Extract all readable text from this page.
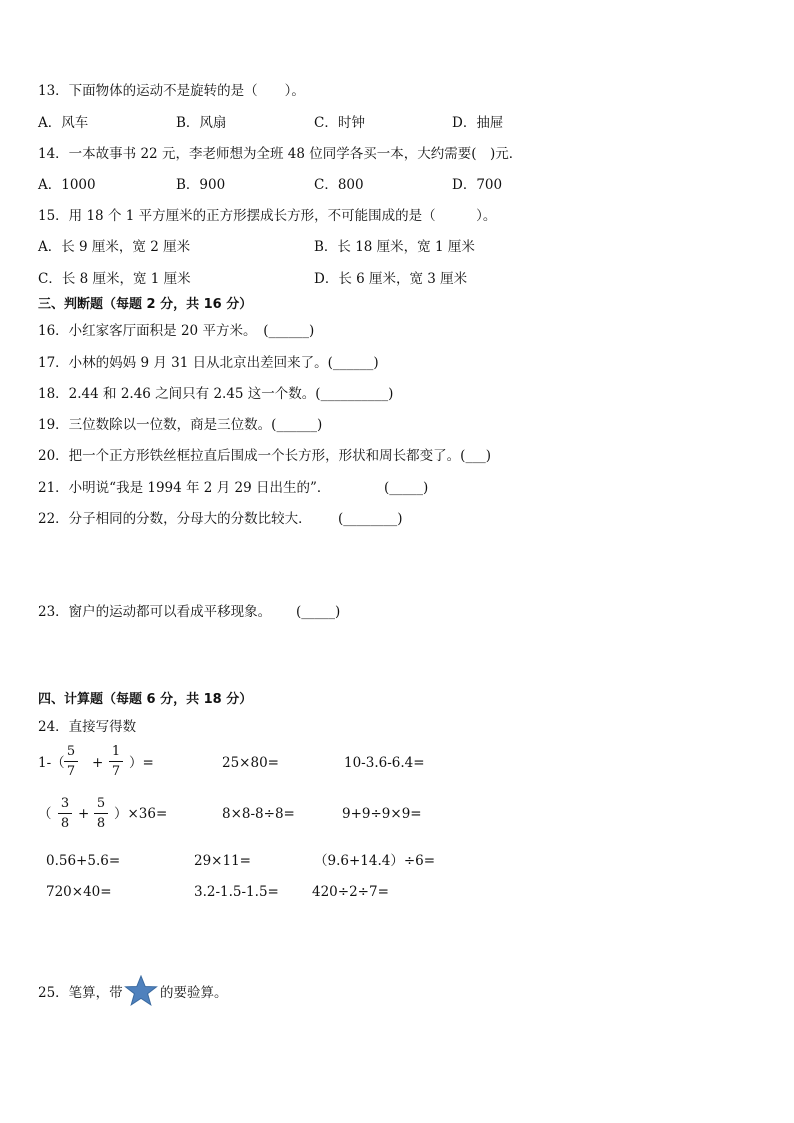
13．下面物体的运动不是旋转的是（　　）。
A．风车	B．风扇	C．时钟	D．抽屉
14．一本故事书 22 元，李老师想为全班 48 位同学各买一本，大约需要(　)元．
A．1000	B．900	C．800	D．700
15．用 18 个 1 平方厘米的正方形摆成长方形，不可能围成的是（　　　）。
A．长 9 厘米，宽 2 厘米	B．长 18 厘米，宽 1 厘米
C．长 8 厘米，宽 1 厘米	D．长 6 厘米，宽 3 厘米
三、判断题（每题 2 分，共 16 分）
16．小红家客厅面积是 20 平方米。　(______)
17．小林的妈妈 9 月 31 日从北京出差回来了。(______)
18．2.44 和 2.46 之间只有 2.45 这一个数。(__________)
19．三位数除以一位数，商是三位数。(______)
20．把一个正方形铁丝框拉直后围成一个长方形，形状和周长都变了。(___)
21．小明说“我是 1994 年 2 月 29 日出生的”．	(_____)
22．分子相同的分数，分母大的分数比较大． (________)
23．窗户的运动都可以看成平移现象。 (_____)
四、计算题（每题 6 分，共 18 分）
24．直接写得数
1-（
5
7
+
1
7
）=	25×80=	10-3.6-6.4=
（
3
8
+
5
8
）×36=	8×8-8÷8=	9+9÷9×9=
0.56+5.6=	29×11=	（9.6+14.4）÷6=
720×40=	3.2-1.5-1.5= 420÷2÷7=
25．笔算，带	的要验算。
